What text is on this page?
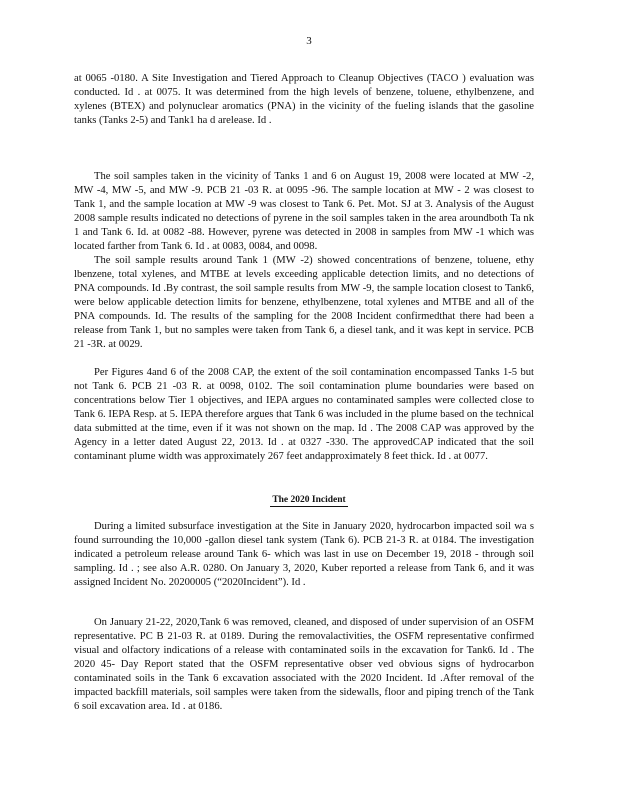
3

at 0065 -0180. A Site Investigation and Tiered Approach to Cleanup Objectives (TACO ) evaluation was conducted. Id . at 0075. It was determined from the high levels of benzene, toluene, ethylbenzene, and xylenes (BTEX) and polynuclear aromatics (PNA) in the vicinity of the fueling islands that the gasoline tanks (Tanks 2-5) and Tank1 ha d arelease. Id .

The soil samples taken in the vicinity of Tanks 1 and 6 on August 19, 2008 were located at MW -2, MW -4, MW -5, and MW -9. PCB 21 -03 R. at 0095 -96. The sample location at MW - 2 was closest to Tank 1, and the sample location at MW -9 was closest to Tank 6. Pet. Mot. SJ at 3. Analysis of the August 2008 sample results indicated no detections of pyrene in the soil samples taken in the area aroundboth Ta nk 1 and Tank 6. Id. at 0082 -88. However, pyrene was detected in 2008 in samples from MW -1 which was located farther from Tank 6. Id . at 0083, 0084, and 0098.

The soil sample results around Tank 1 (MW -2) showed concentrations of benzene, toluene, ethy lbenzene, total xylenes, and MTBE at levels exceeding applicable detection limits, and no detections of PNA compounds. Id .By contrast, the soil sample results from MW -9, the sample location closest to Tank6, were below applicable detection limits for benzene, ethylbenzene, total xylenes and MTBE and all of the PNA compounds. Id. The results of the sampling for the 2008 Incident confirmedthat there had been a release from Tank 1, but no samples were taken from Tank 6, a diesel tank, and it was kept in service. PCB 21 -3R. at 0029.

Per Figures 4and 6 of the 2008 CAP, the extent of the soil contamination encompassed Tanks 1-5 but not Tank 6. PCB 21 -03 R. at 0098, 0102. The soil contamination plume boundaries were based on concentrations below Tier 1 objectives, and IEPA argues no contaminated samples were collected close to Tank 6. IEPA Resp. at 5. IEPA therefore argues that Tank 6 was included in the plume based on the technical data submitted at the time, even if it was not shown on the map. Id . The 2008 CAP was approved by the Agency in a letter dated August 22, 2013. Id . at 0327 -330. The approvedCAP indicated that the soil contaminant plume width was approximately 267 feet andapproximately 8 feet thick. Id . at 0077.

The 2020 Incident

During a limited subsurface investigation at the Site in January 2020, hydrocarbon impacted soil wa s found surrounding the 10,000 -gallon diesel tank system (Tank 6). PCB 21-3 R. at 0184. The investigation indicated a petroleum release around Tank 6- which was last in use on December 19, 2018 - through soil sampling. Id . ; see also A.R. 0280. On January 3, 2020, Kuber reported a release from Tank 6, and it was assigned Incident No. 20200005 (“2020Incident”). Id .

On January 21-22, 2020,Tank 6 was removed, cleaned, and disposed of under supervision of an OSFM representative. PC B 21-03 R. at 0189. During the removalactivities, the OSFM representative confirmed visual and olfactory indications of a release with contaminated soils in the excavation for Tank6. Id . The 2020 45- Day Report stated that the OSFM representative obser ved obvious signs of hydrocarbon contaminated soils in the Tank 6 excavation associated with the 2020 Incident. Id .After removal of the impacted backfill materials, soil samples were taken from the sidewalls, floor and piping trench of the Tank 6 soil excavation area. Id . at 0186.
